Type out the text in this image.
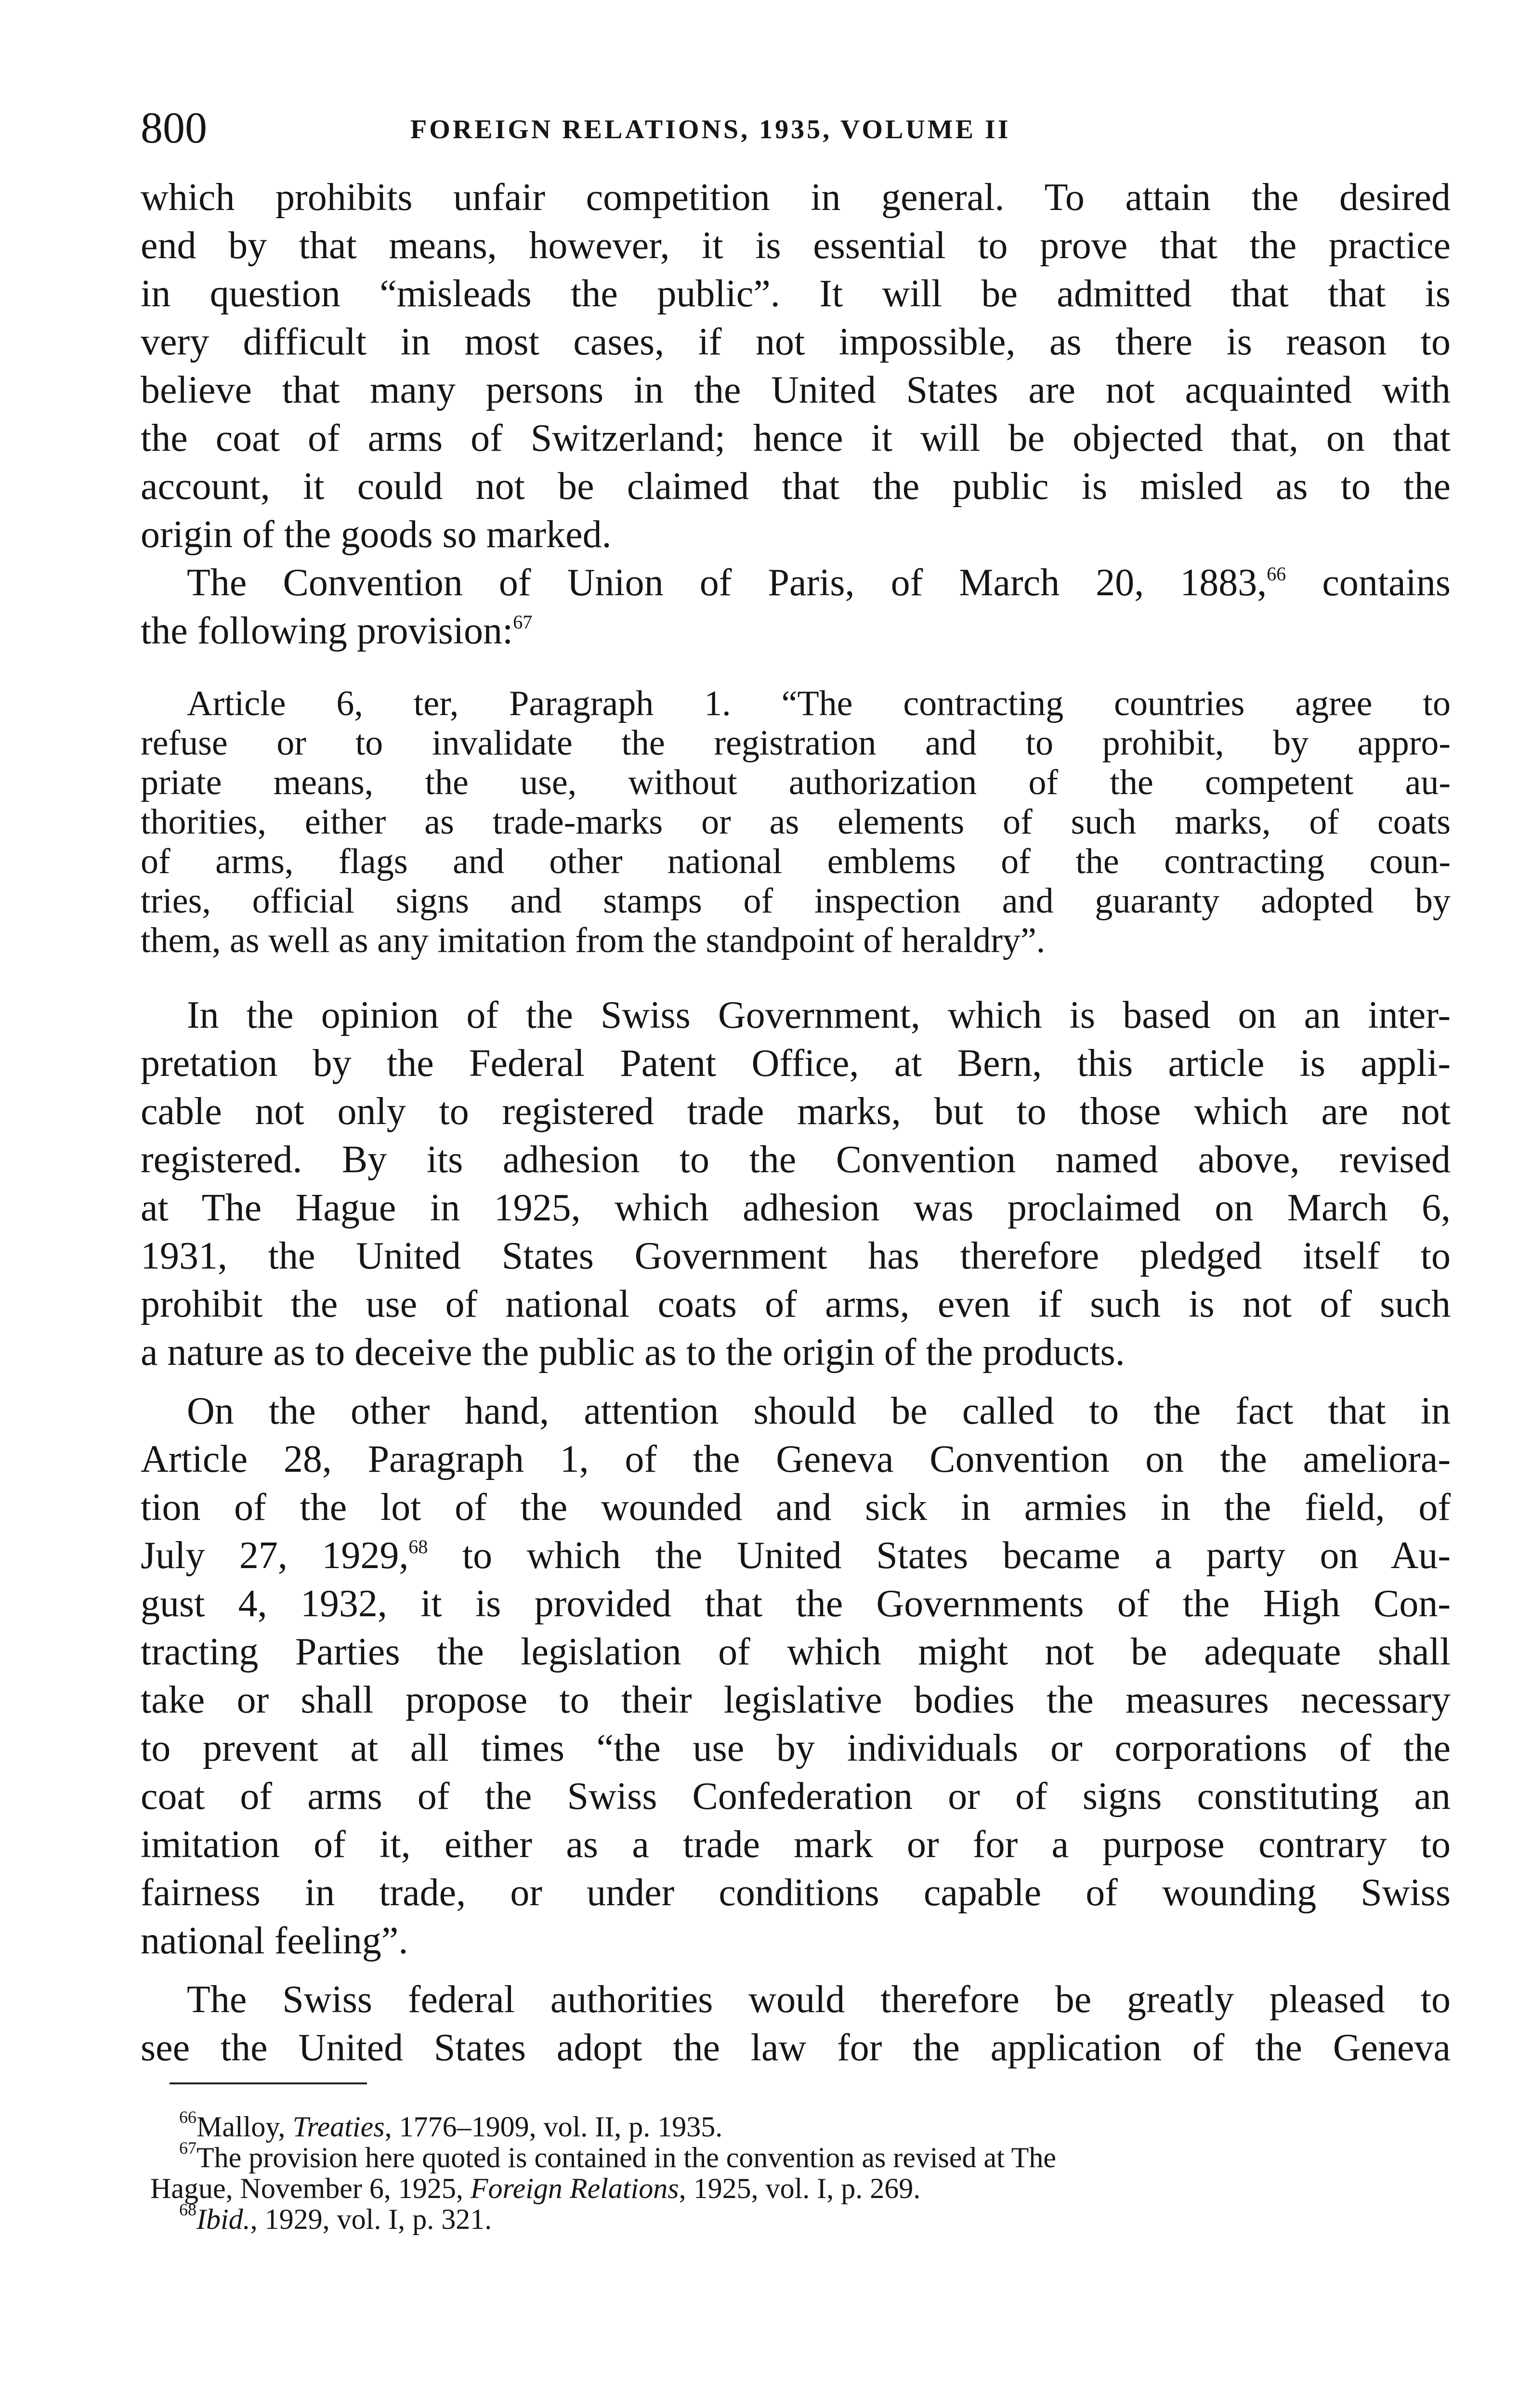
800	FOREIGN RELATIONS, 1935, VOLUME II
which prohibits unfair competition in general. To attain the desired
end by that means, however, it is essential to prove that the practice
in question “misleads the public”. It will be admitted that that is
very difficult in most cases, if not impossible, as there is reason to
believe that many persons in the United States are not acquainted with
the coat of arms of Switzerland; hence it will be objected that, on that
account, it could not be claimed that the public is misled as to the
origin of the goods so marked.
The Convention of Union of Paris, of March 20, 1883,66 contains
the following provision:$^{67}$
Article 6, ter, Paragraph 1. “The contracting countries agree to
refuse or to invalidate the registration and to prohibit, by appro-
priate means, the use, without authorization of the competent au-
thorities, either as trade-marks or as elements of such marks, of coats
of arms, flags and other national emblems of the contracting coun-
tries, official signs and stamps of inspection and guaranty adopted by
them, as well as any imitation from the standpoint of heraldry”.
In the opinion of the Swiss Government, which is based on an inter-
pretation by the Federal Patent Office, at Bern, this article is appli-
cable not only to registered trade marks, but to those which are not
registered. By its adhesion to the Convention named above, revised
at The Hague in 1925, which adhesion was proclaimed on March 6,
1931, the United States Government has therefore pledged itself to
prohibit the use of national coats of arms, even if such is not of such
a nature as to deceive the public as to the origin of the products.
On the other hand, attention should be called to the fact that in
Article 28, Paragraph 1, of the Geneva Convention on the ameliora-
tion of the lot of the wounded and sick in armies in the field, of
July 27, 1929,68 to which the United States became a party on Au-
gust 4, 1932, it is provided that the Governments of the High Con-
tracting Parties the legislation of which might not be adequate shall
take or shall propose to their legislative bodies the measures necessary
to prevent at all times “the use by individuals or corporations of the
coat of arms of the Swiss Confederation or of signs constituting an
imitation of it, either as a trade mark or for a purpose contrary to
fairness in trade, or under conditions capable of wounding Swiss
national feeling”.
The Swiss federal authorities would therefore be greatly pleased to
see the United States adopt the law for the application of the Geneva
$^{66}$Malloy, Treaties, 1776–1909, vol. II, p. 1935.
$^{67}$The provision here quoted is contained in the convention as revised at The
Hague, November 6, 1925, Foreign Relations, 1925, vol. I, p. 269.
$^{68}$Ibid., 1929, vol. I, p. 321.
